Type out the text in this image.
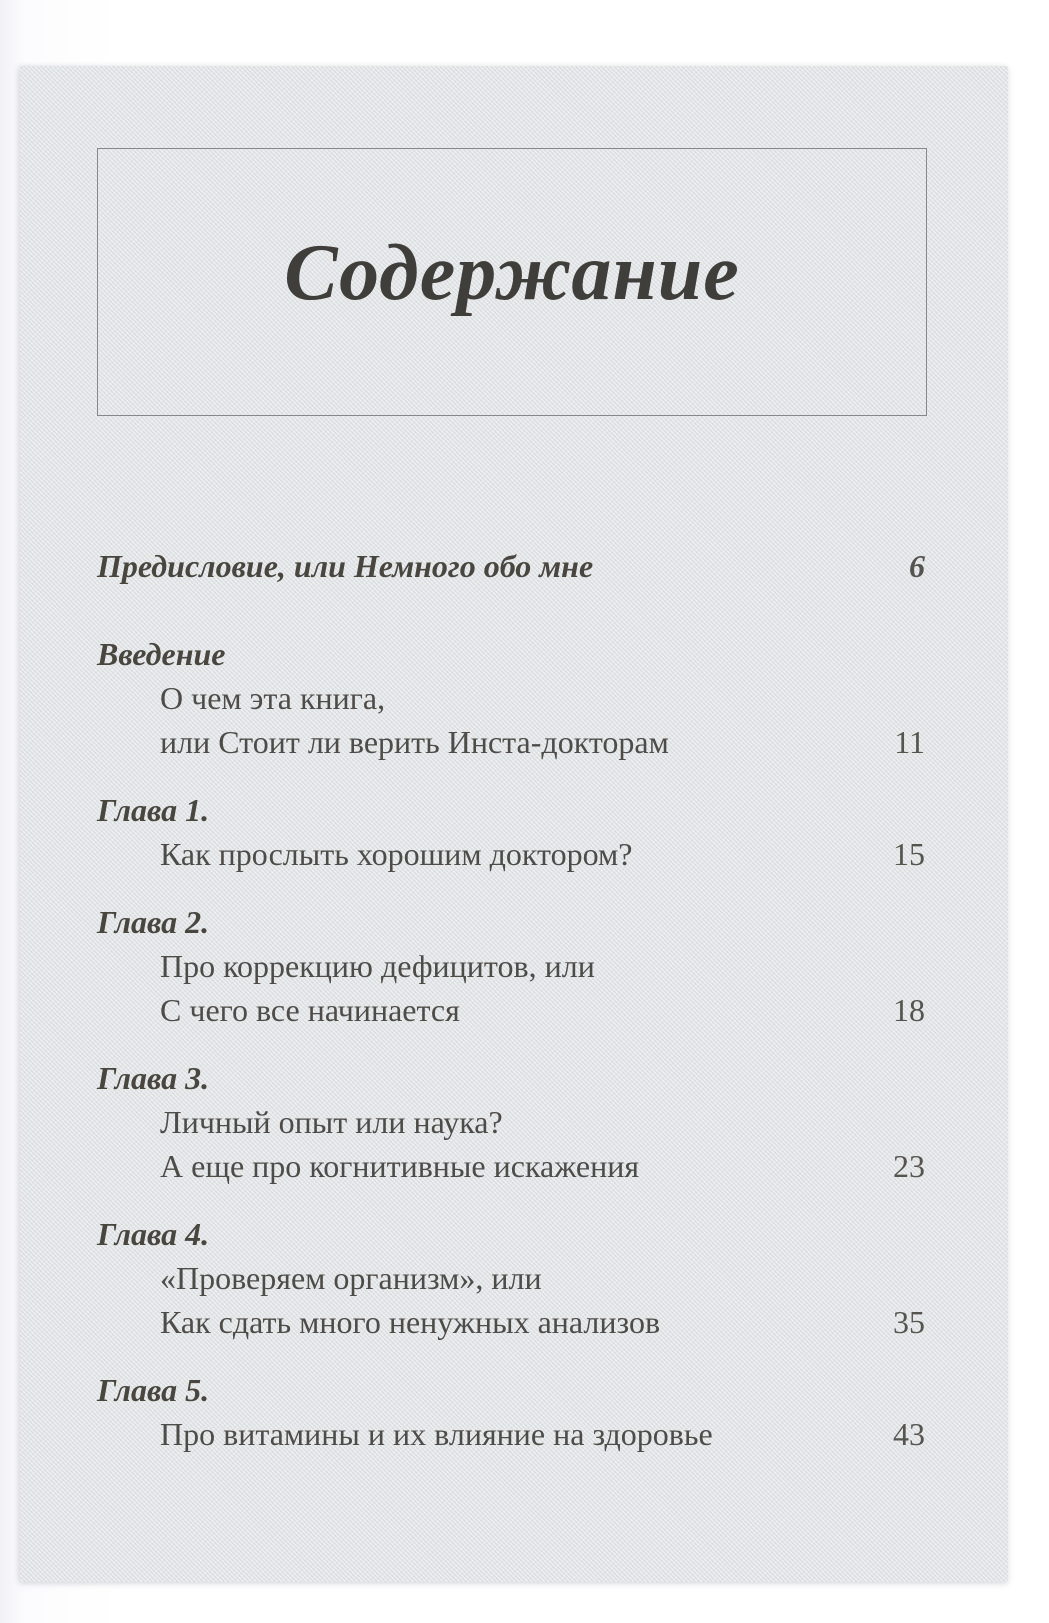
Содержание
Предисловие, или Немного обо мне	6
Введение
О чем эта книга,
или Стоит ли верить Инста-докторам	11
Глава 1.
Как прослыть хорошим доктором?	15
Глава 2.
Про коррекцию дефицитов, или
С чего все начинается	18
Глава 3.
Личный опыт или наука?
А еще про когнитивные искажения	23
Глава 4.
«Проверяем организм», или
Как сдать много ненужных анализов	35
Глава 5.
Про витамины и их влияние на здоровье	43
